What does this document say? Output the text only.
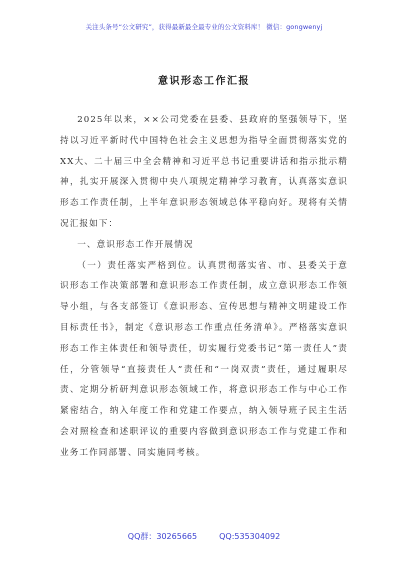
关注头条号“公文研究”，获得最新最全最专业的公文资料库！ 微信：gongwenyj
意识形态工作汇报

2025年以来，××公司党委在县委、县政府的坚强领导下，坚持以习近平新时代中国特色社会主义思想为指导全面贯彻落实党的XX大、二十届三中全会精神和习近平总书记重要讲话和指示批示精神，扎实开展深入贯彻中央八项规定精神学习教育，认真落实意识形态工作责任制，上半年意识形态领域总体平稳向好。现将有关情况汇报如下：

一、意识形态工作开展情况

（一）责任落实严格到位。认真贯彻落实省、市、县委关于意识形态工作决策部署和意识形态工作责任制，成立意识形态工作领导小组，与各支部签订《意识形态、宣传思想与精神文明建设工作目标责任书》，制定《意识形态工作重点任务清单》。严格落实意识形态工作主体责任和领导责任，切实履行党委书记“第一责任人”责任，分管领导“直接责任人”责任和“一岗双责”责任，通过履职尽责、定期分析研判意识形态领域工作，将意识形态工作与中心工作紧密结合，纳入年度工作和党建工作要点，纳入领导班子民主生活会对照检查和述职评议的重要内容做到意识形态工作与党建工作和业务工作同部署、同实施同考核。

QQ群：30265665	QQ:535304092
